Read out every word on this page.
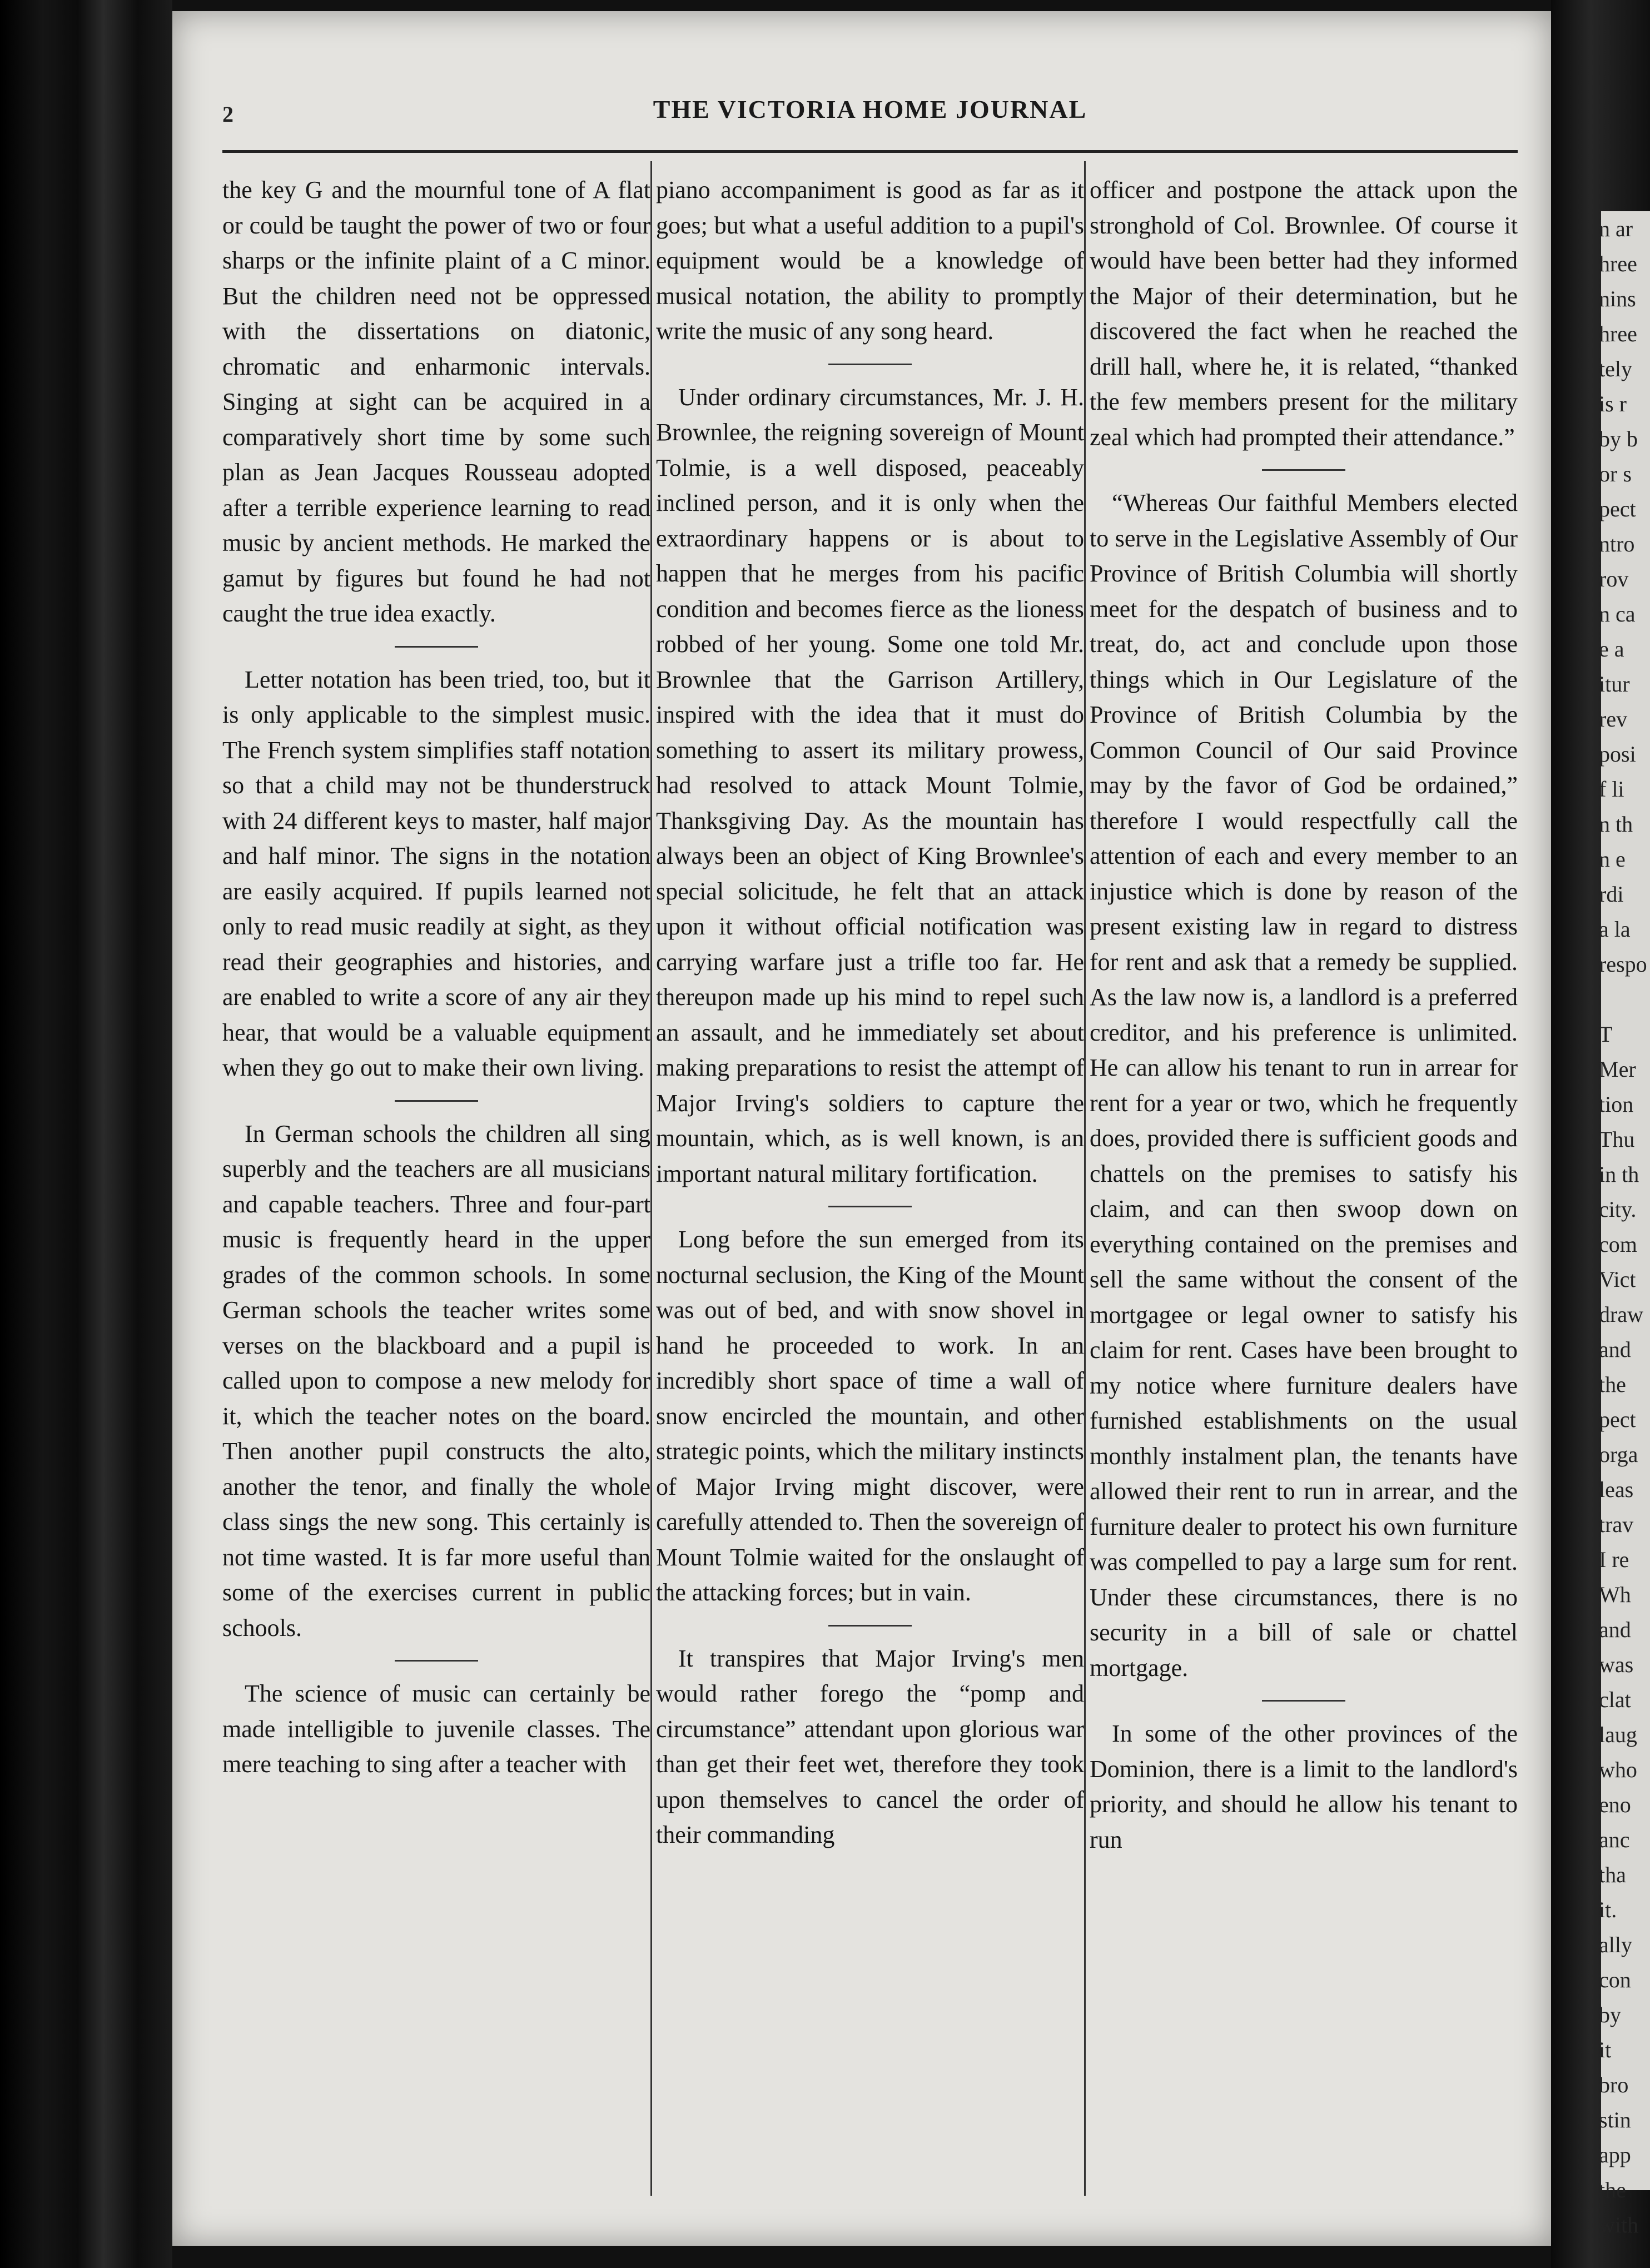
2	THE VICTORIA HOME JOURNAL

the key G and the mournful tone of A flat or could be taught the power of two or four sharps or the infinite plaint of a C minor. But the children need not be oppressed with the dissertations on diatonic, chromatic and enharmonic intervals. Singing at sight can be acquired in a comparatively short time by some such plan as Jean Jacques Rousseau adopted after a terrible experience learning to read music by ancient methods. He marked the gamut by figures but found he had not caught the true idea exactly.

Letter notation has been tried, too, but it is only applicable to the simplest music. The French system simplifies staff notation so that a child may not be thunderstruck with 24 different keys to master, half major and half minor. The signs in the notation are easily acquired. If pupils learned not only to read music readily at sight, as they read their geographies and histories, and are enabled to write a score of any air they hear, that would be a valuable equipment when they go out to make their own living.

In German schools the children all sing superbly and the teachers are all musicians and capable teachers. Three and four-part music is frequently heard in the upper grades of the common schools. In some German schools the teacher writes some verses on the blackboard and a pupil is called upon to compose a new melody for it, which the teacher notes on the board. Then another pupil constructs the alto, another the tenor, and finally the whole class sings the new song. This certainly is not time wasted. It is far more useful than some of the exercises current in public schools.

The science of music can certainly be made intelligible to juvenile classes. The mere teaching to sing after a teacher with

piano accompaniment is good as far as it goes; but what a useful addition to a pupil's equipment would be a knowledge of musical notation, the ability to promptly write the music of any song heard.

Under ordinary circumstances, Mr. J. H. Brownlee, the reigning sovereign of Mount Tolmie, is a well disposed, peaceably inclined person, and it is only when the extraordinary happens or is about to happen that he merges from his pacific condition and becomes fierce as the lioness robbed of her young. Some one told Mr. Brownlee that the Garrison Artillery, inspired with the idea that it must do something to assert its military prowess, had resolved to attack Mount Tolmie, Thanksgiving Day. As the mountain has always been an object of King Brownlee's special solicitude, he felt that an attack upon it without official notification was carrying warfare just a trifle too far. He thereupon made up his mind to repel such an assault, and he immediately set about making preparations to resist the attempt of Major Irving's soldiers to capture the mountain, which, as is well known, is an important natural military fortification.

Long before the sun emerged from its nocturnal seclusion, the King of the Mount was out of bed, and with snow shovel in hand he proceeded to work. In an incredibly short space of time a wall of snow encircled the mountain, and other strategic points, which the military instincts of Major Irving might discover, were carefully attended to. Then the sovereign of Mount Tolmie waited for the onslaught of the attacking forces; but in vain.

It transpires that Major Irving's men would rather forego the “pomp and circumstance” attendant upon glorious war than get their feet wet, therefore they took upon themselves to cancel the order of their commanding

officer and postpone the attack upon the stronghold of Col. Brownlee. Of course it would have been better had they informed the Major of their determination, but he discovered the fact when he reached the drill hall, where he, it is related, “thanked the few members present for the military zeal which had prompted their attendance.”

“Whereas Our faithful Members elected to serve in the Legislative Assembly of Our Province of British Columbia will shortly meet for the despatch of business and to treat, do, act and conclude upon those things which in Our Legislature of the Province of British Columbia by the Common Council of Our said Province may by the favor of God be ordained,” therefore I would respectfully call the attention of each and every member to an injustice which is done by reason of the present existing law in regard to distress for rent and ask that a remedy be supplied. As the law now is, a landlord is a preferred creditor, and his preference is unlimited. He can allow his tenant to run in arrear for rent for a year or two, which he frequently does, provided there is sufficient goods and chattels on the premises to satisfy his claim, and can then swoop down on everything contained on the premises and sell the same without the consent of the mortgagee or legal owner to satisfy his claim for rent. Cases have been brought to my notice where furniture dealers have furnished establishments on the usual monthly instalment plan, the tenants have allowed their rent to run in arrear, and the furniture dealer to protect his own furniture was compelled to pay a large sum for rent. Under these circumstances, there is no security in a bill of sale or chattel mortgage.

In some of the other provinces of the Dominion, there is a limit to the landlord's priority, and should he allow his tenant to run

n ar
hree
nins
hree
tely
is r
by b
or s
pect
ntro
rov
n ca
e a
itur
rev
posi
f li
n th
n e
rdi
a la
respo

T
Mer
tion
Thu
in th
city.
com
Vict
draw
and
the
pect
orga
leas
trav
I re
Wh
and
was
clat
laug
who
eno
anc
tha
it.
ally
con
by
it
bro
stin
app
the
with
